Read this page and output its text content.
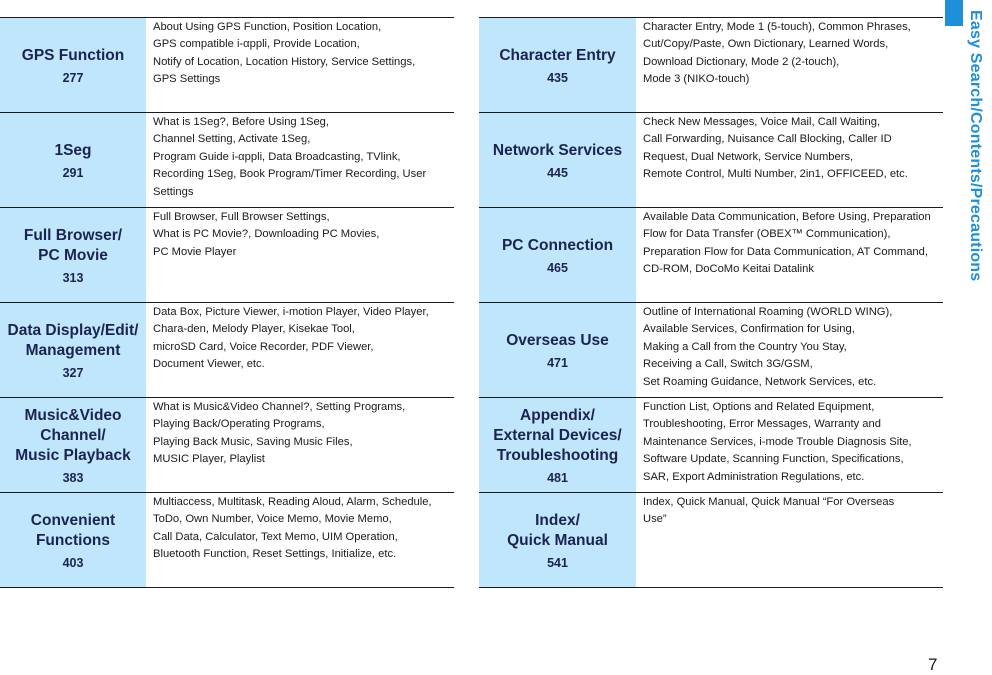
GPS Function
277
About Using GPS Function, Position Location,
GPS compatible i-αppli, Provide Location,
Notify of Location, Location History, Service Settings,
GPS Settings
1Seg
291
What is 1Seg?, Before Using 1Seg,
Channel Setting, Activate 1Seg,
Program Guide i-αppli, Data Broadcasting, TVlink,
Recording 1Seg, Book Program/Timer Recording, User
Settings
Full Browser/
PC Movie
313
Full Browser, Full Browser Settings,
What is PC Movie?, Downloading PC Movies,
PC Movie Player
Data Display/Edit/
Management
327
Data Box, Picture Viewer, i-motion Player, Video Player,
Chara-den, Melody Player, Kisekae Tool,
microSD Card, Voice Recorder, PDF Viewer,
Document Viewer, etc.
Music&Video
Channel/
Music Playback
383
What is Music&Video Channel?, Setting Programs,
Playing Back/Operating Programs,
Playing Back Music, Saving Music Files,
MUSIC Player, Playlist
Convenient
Functions
403
Multiaccess, Multitask, Reading Aloud, Alarm, Schedule,
ToDo, Own Number, Voice Memo, Movie Memo,
Call Data, Calculator, Text Memo, UIM Operation,
Bluetooth Function, Reset Settings, Initialize, etc.
Character Entry
435
Character Entry, Mode 1 (5-touch), Common Phrases,
Cut/Copy/Paste, Own Dictionary, Learned Words,
Download Dictionary, Mode 2 (2-touch),
Mode 3 (NIKO-touch)
Network Services
445
Check New Messages, Voice Mail, Call Waiting,
Call Forwarding, Nuisance Call Blocking, Caller ID
Request, Dual Network, Service Numbers,
Remote Control, Multi Number, 2in1, OFFICEED, etc.
PC Connection
465
Available Data Communication, Before Using, Preparation
Flow for Data Transfer (OBEX™ Communication),
Preparation Flow for Data Communication, AT Command,
CD-ROM, DoCoMo Keitai Datalink
Overseas Use
471
Outline of International Roaming (WORLD WING),
Available Services, Confirmation for Using,
Making a Call from the Country You Stay,
Receiving a Call, Switch 3G/GSM,
Set Roaming Guidance, Network Services, etc.
Appendix/
External Devices/
Troubleshooting
481
Function List, Options and Related Equipment,
Troubleshooting, Error Messages, Warranty and
Maintenance Services, i-mode Trouble Diagnosis Site,
Software Update, Scanning Function, Specifications,
SAR, Export Administration Regulations, etc.
Index/
Quick Manual
541
Index, Quick Manual, Quick Manual “For Overseas
Use”
Easy Search/Contents/Precautions
7
